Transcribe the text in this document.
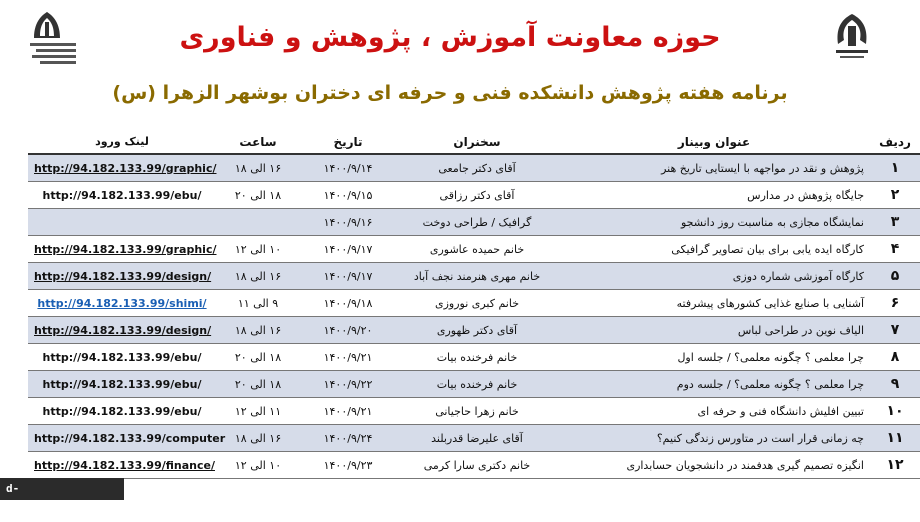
حوزه معاونت آموزش ، پژوهش و فناوری
برنامه هفته پژوهش دانشکده فنی و حرفه ای دختران بوشهر الزهرا (س)
ردیف	عنوان وبینار	سخنران	تاریخ	ساعت	لینک ورود
۱	پژوهش و نقد در مواجهه با ایستایی تاریخ هنر	آقای دکتر جامعی	۱۴۰۰/۹/۱۴	۱۶ الی ۱۸	http://94.182.133.99/graphic/
۲	جایگاه پژوهش در مدارس	آقای دکتر رزاقی	۱۴۰۰/۹/۱۵	۱۸ الی ۲۰	http://94.182.133.99/ebu/
۳	نمایشگاه مجازی به مناسبت روز دانشجو	گرافیک / طراحی دوخت	۱۴۰۰/۹/۱۶		
۴	کارگاه ایده یابی برای بیان تصاویر گرافیکی	خانم حمیده عاشوری	۱۴۰۰/۹/۱۷	۱۰ الی ۱۲	http://94.182.133.99/graphic/
۵	کارگاه آموزشی شماره دوزی	خانم مهری هنرمند نجف آباد	۱۴۰۰/۹/۱۷	۱۶ الی ۱۸	http://94.182.133.99/design/
۶	آشنایی با صنایع غذایی کشورهای پیشرفته	خانم کبری نوروزی	۱۴۰۰/۹/۱۸	۹ الی ۱۱	http://94.182.133.99/shimi/
۷	الیاف نوین در طراحی لباس	آقای دکتر ظهوری	۱۴۰۰/۹/۲۰	۱۶ الی ۱۸	http://94.182.133.99/design/
۸	چرا معلمی ؟ چگونه معلمی؟ / جلسه اول	خانم فرخنده بیات	۱۴۰۰/۹/۲۱	۱۸ الی ۲۰	http://94.182.133.99/ebu/
۹	چرا معلمی ؟ چگونه معلمی؟ / جلسه دوم	خانم فرخنده بیات	۱۴۰۰/۹/۲۲	۱۸ الی ۲۰	http://94.182.133.99/ebu/
۱۰	تبیین افلیش دانشگاه فنی و حرفه ای	خانم زهرا حاجیانی	۱۴۰۰/۹/۲۱	۱۱ الی ۱۲	http://94.182.133.99/ebu/
۱۱	چه زمانی قرار است در متاورس زندگی کنیم؟	آقای علیرضا قدربلند	۱۴۰۰/۹/۲۴	۱۶ الی ۱۸	http://94.182.133.99/computer
۱۲	انگیزه تصمیم گیری هدفمند در دانشجویان حسابداری	خانم دکتری سارا کرمی	۱۴۰۰/۹/۲۳	۱۰ الی ۱۲	http://94.182.133.99/finance/
d-bushehr.nus.ac.ir
